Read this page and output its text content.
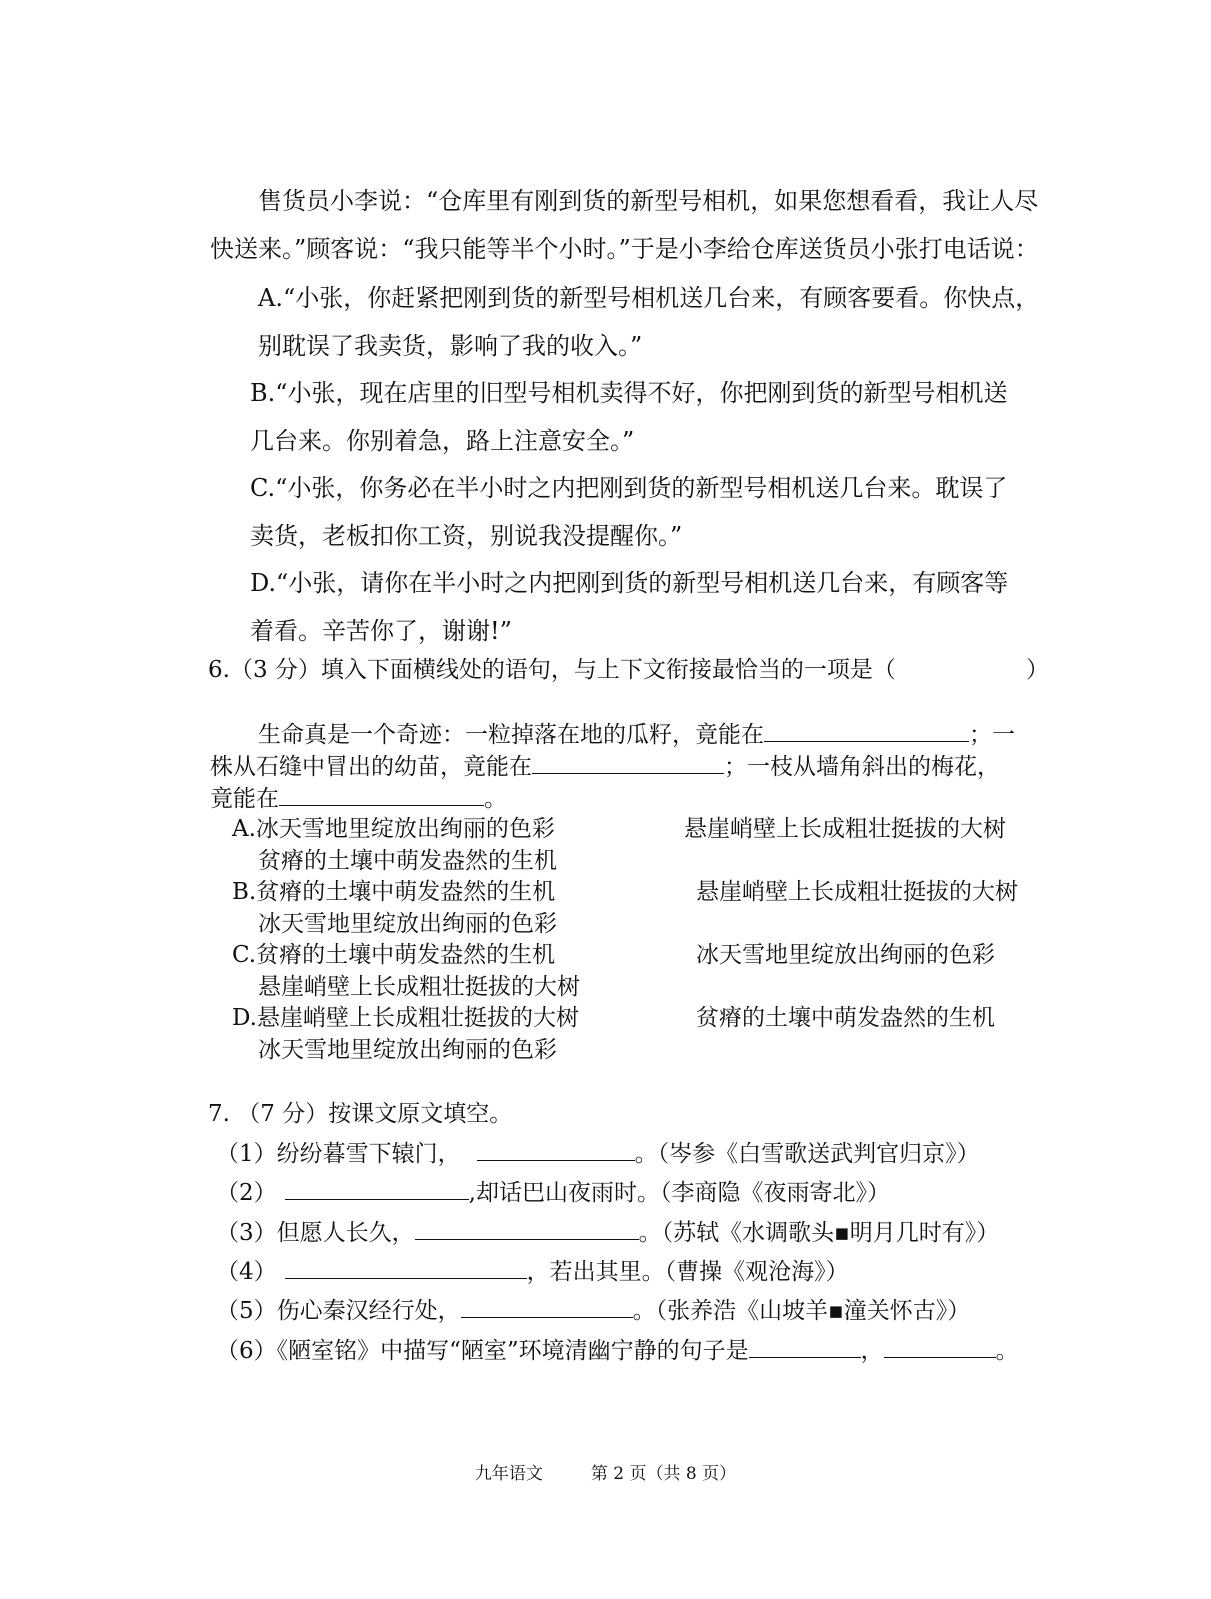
售货员小李说：“仓库里有刚到货的新型号相机，如果您想看看，我让人尽
快送来。”顾客说：“我只能等半个小时。”于是小李给仓库送货员小张打电话说：
A.“小张，你赶紧把刚到货的新型号相机送几台来，有顾客要看。你快点，
别耽误了我卖货，影响了我的收入。”
B.“小张，现在店里的旧型号相机卖得不好，你把刚到货的新型号相机送
几台来。你别着急，路上注意安全。”
C.“小张，你务必在半小时之内把刚到货的新型号相机送几台来。耽误了
卖货，老板扣你工资，别说我没提醒你。”
D.“小张，请你在半小时之内把刚到货的新型号相机送几台来，有顾客等
着看。辛苦你了，谢谢!”
6.（3 分）填入下面横线处的语句，与上下文衔接最恰当的一项是（	）
生命真是一个奇迹：一粒掉落在地的瓜籽，竟能在	；一
株从石缝中冒出的幼苗，竟能在	；一枝从墙角斜出的梅花，
竟能在	。
A.冰天雪地里绽放出绚丽的色彩	悬崖峭壁上长成粗壮挺拔的大树
贫瘠的土壤中萌发盎然的生机
B.贫瘠的土壤中萌发盎然的生机	悬崖峭壁上长成粗壮挺拔的大树
冰天雪地里绽放出绚丽的色彩
C.贫瘠的土壤中萌发盎然的生机	冰天雪地里绽放出绚丽的色彩
悬崖峭壁上长成粗壮挺拔的大树
D.悬崖峭壁上长成粗壮挺拔的大树	贫瘠的土壤中萌发盎然的生机
冰天雪地里绽放出绚丽的色彩
7. （7 分）按课文原文填空。
（1）纷纷暮雪下辕门，	。（岑参《白雪歌送武判官归京》）
（2）	,却话巴山夜雨时。（李商隐《夜雨寄北》）
（3）但愿人长久，	。（苏轼《水调歌头▪明月几时有》）
（4）	，若出其里。（曹操《观沧海》）
（5）伤心秦汉经行处，	。（张养浩《山坡羊▪潼关怀古》）
（6）《陋室铭》中描写“陋室”环境清幽宁静的句子是	，	。
九年语文	第 2 页（共 8 页）
